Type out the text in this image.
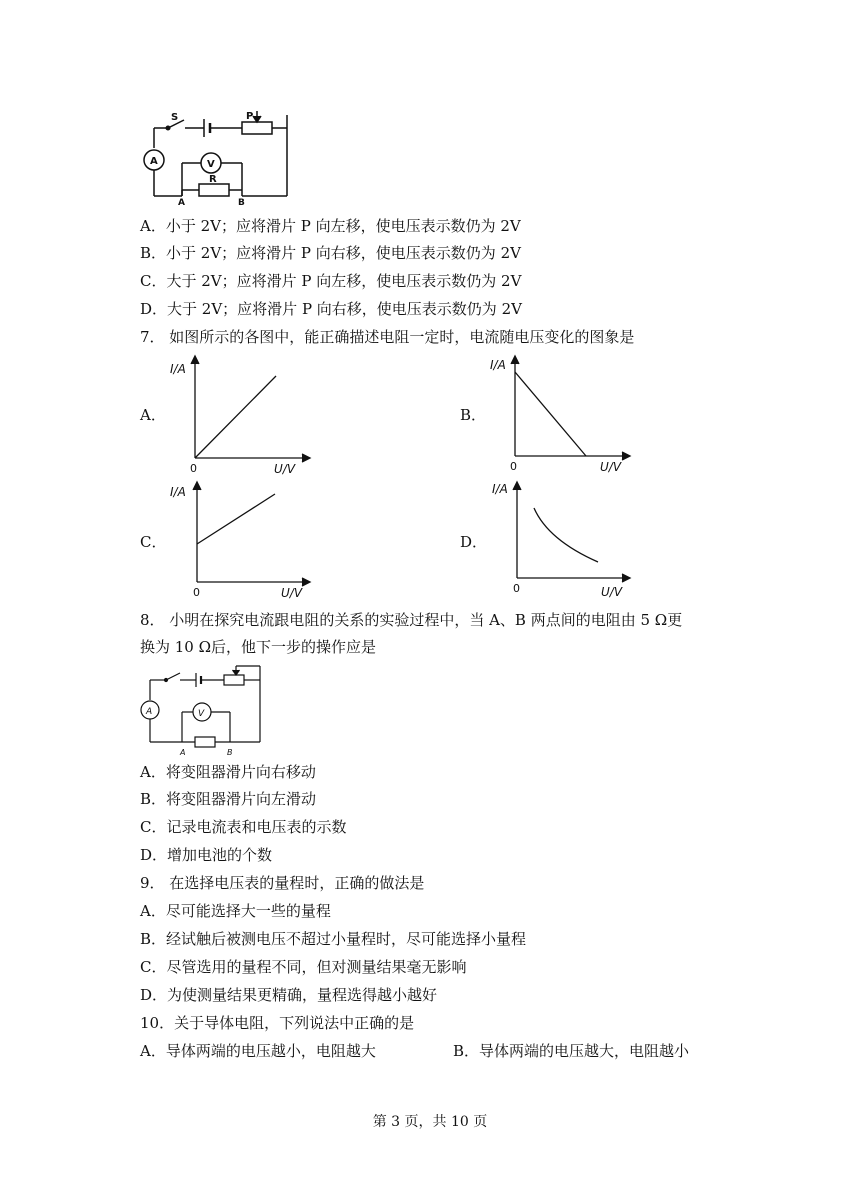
S	P
A	V
R
A	B
A．小于 2V；应将滑片 P 向左移，使电压表示数仍为 2V
B．小于 2V；应将滑片 P 向右移，使电压表示数仍为 2V
C．大于 2V；应将滑片 P 向左移，使电压表示数仍为 2V
D．大于 2V；应将滑片 P 向右移，使电压表示数仍为 2V
7． 如图所示的各图中，能正确描述电阻一定时，电流随电压变化的图象是
A．
I/A
0	U/V
B．
I/A
0	U/V
C．
I/A
0	U/V
D．
I/A
0	U/V
8． 小明在探究电流跟电阻的关系的实验过程中，当 A、B 两点间的电阻由 5 Ω更
换为 10 Ω后，他下一步的操作应是
A	V
A	B
A．将变阻器滑片向右移动
B．将变阻器滑片向左滑动
C．记录电流表和电压表的示数
D．增加电池的个数
9． 在选择电压表的量程时，正确的做法是
A．尽可能选择大一些的量程
B．经试触后被测电压不超过小量程时，尽可能选择小量程
C．尽管选用的量程不同，但对测量结果毫无影响
D．为使测量结果更精确，量程选得越小越好
10．关于导体电阻，下列说法中正确的是
A．导体两端的电压越小，电阻越大	B．导体两端的电压越大，电阻越小
第 3 页，共 10 页
